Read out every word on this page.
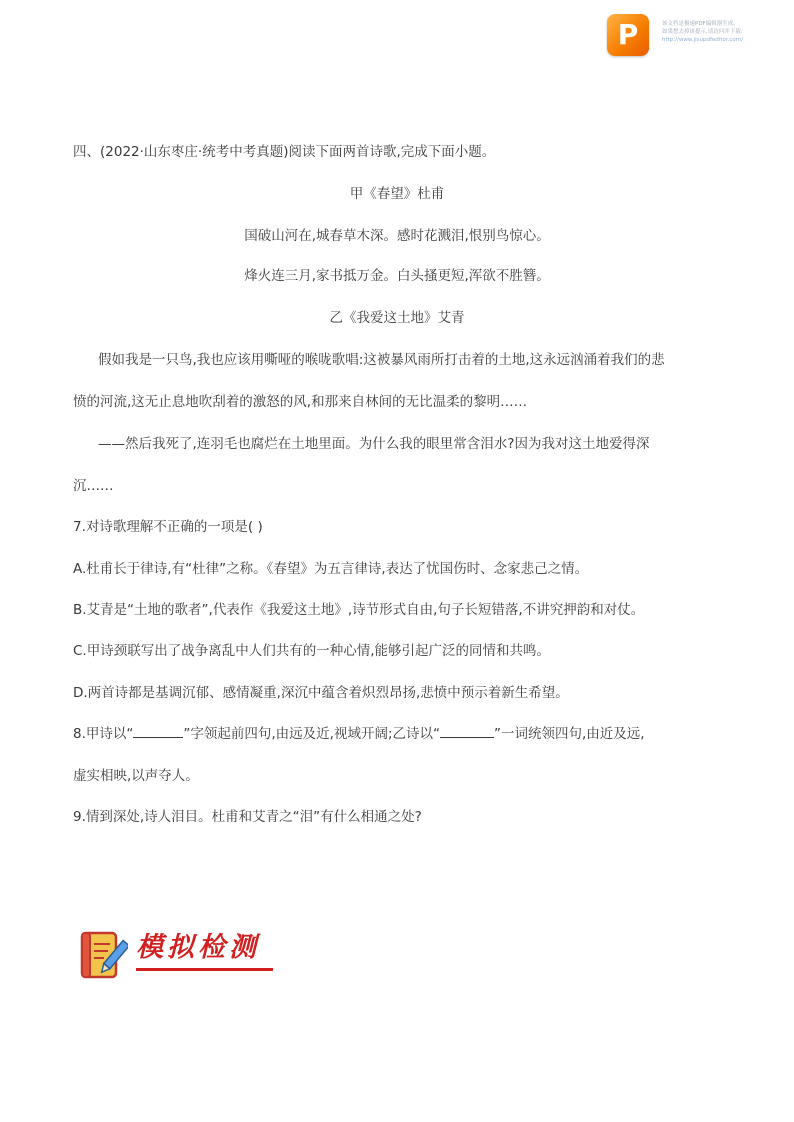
P	该文档是极速PDF编辑器生成,
如果想去掉该提示,请访问并下载:
http://www.jisupdfeditor.com/
四、(2022·山东枣庄·统考中考真题)阅读下面两首诗歌,完成下面小题。
甲《春望》杜甫
国破山河在,城春草木深。感时花溅泪,恨别鸟惊心。
烽火连三月,家书抵万金。白头搔更短,浑欲不胜簪。
乙《我爱这土地》艾青
假如我是一只鸟,我也应该用嘶哑的喉咙歌唱:这被暴风雨所打击着的土地,这永远汹涌着我们的悲
愤的河流,这无止息地吹刮着的激怒的风,和那来自林间的无比温柔的黎明……
——然后我死了,连羽毛也腐烂在土地里面。为什么我的眼里常含泪水?因为我对这土地爱得深
沉……
7.对诗歌理解不正确的一项是( )
A.杜甫长于律诗,有“杜律”之称。《春望》为五言律诗,表达了忧国伤时、念家悲己之情。
B.艾青是“土地的歌者”,代表作《我爱这土地》,诗节形式自由,句子长短错落,不讲究押韵和对仗。
C.甲诗颈联写出了战争离乱中人们共有的一种心情,能够引起广泛的同情和共鸣。
D.两首诗都是基调沉郁、感情凝重,深沉中蕴含着炽烈昂扬,悲愤中预示着新生希望。
8.甲诗以“	”字领起前四句,由远及近,视域开阔;乙诗以“	”一词统领四句,由近及远,
虚实相映,以声夺人。
9.情到深处,诗人泪目。杜甫和艾青之“泪”有什么相通之处?
模拟检测
